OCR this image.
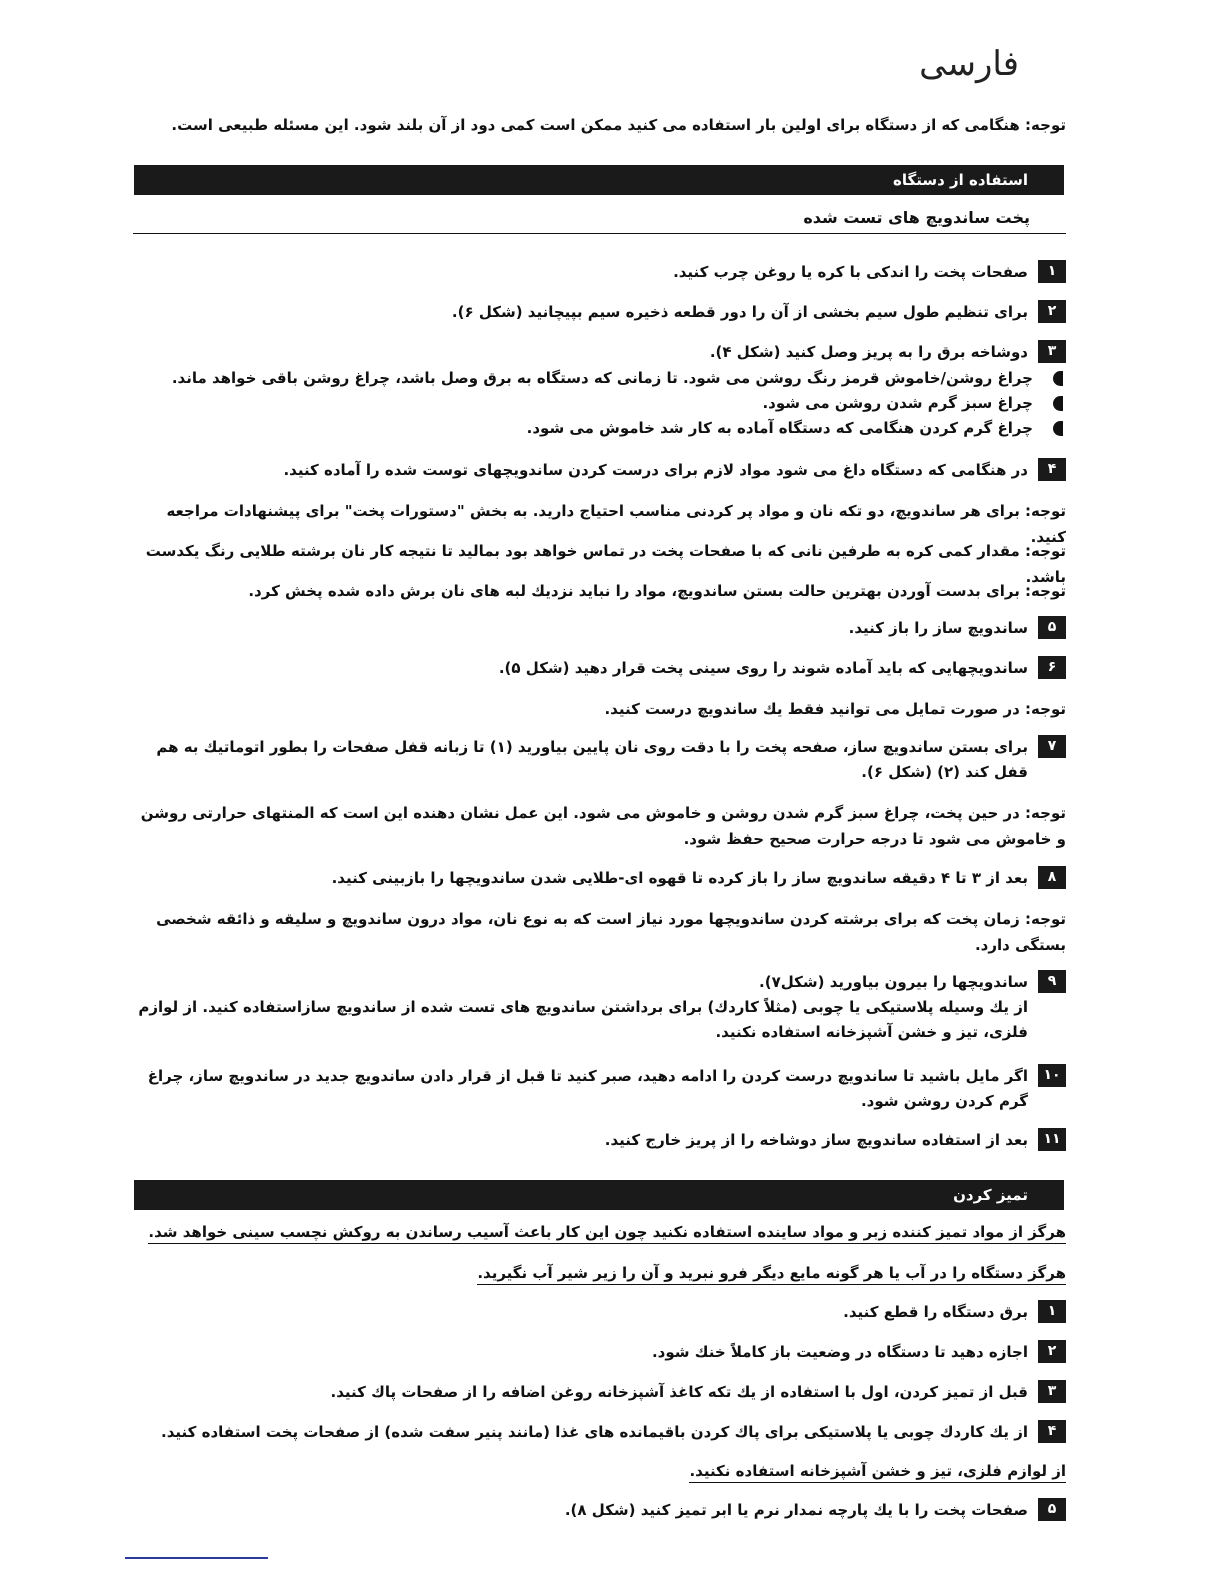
فارسی
توجه: هنگامی که از دستگاه برای اولین بار استفاده می کنید ممکن است کمی دود از آن بلند شود. این مسئله طبیعی است.
استفاده از دستگاه
پخت ساندویچ های تست شده
۱
صفحات پخت را اندکی با کره یا روغن چرب کنید.
۲
برای تنظیم طول سیم بخشی از آن را دور قطعه ذخیره سیم بپیچانید (شکل ۶).
۳
دوشاخه برق را به پریز وصل کنید (شکل ۴).
چراغ روشن/خاموش قرمز رنگ روشن می شود. تا زمانی که دستگاه به برق وصل باشد، چراغ روشن باقی خواهد ماند.
چراغ سبز گرم شدن روشن می شود.
چراغ گرم کردن هنگامی که دستگاه آماده به کار شد خاموش می شود.
۴
در هنگامی که دستگاه داغ می شود مواد لازم برای درست کردن ساندویچهای توست شده را آماده کنید.
توجه: برای هر ساندویچ، دو تکه نان و مواد پر کردنی مناسب احتیاج دارید. به بخش "دستورات پخت" برای پیشنهادات مراجعه کنید.
توجه: مقدار کمی کره به طرفین نانی که با صفحات پخت در تماس خواهد بود بمالید تا نتیجه کار نان برشته طلایی رنگ یکدست باشد.
توجه: برای بدست آوردن بهترین حالت بستن ساندویچ، مواد را نباید نزدیك لبه های نان برش داده شده پخش كرد.
۵
ساندویچ ساز را باز کنید.
۶
ساندویچهایی که باید آماده شوند را روی سینی پخت قرار دهید (شکل ۵).
توجه: در صورت تمایل می توانید فقط یك ساندویچ درست كنید.
۷
برای بستن ساندویچ ساز، صفحه پخت را با دقت روی نان پایین بیاورید (۱) تا زبانه قفل صفحات را بطور اتوماتیك به هم قفل كند (۲) (شکل ۶).
توجه: در حین پخت، چراغ سبز گرم شدن روشن و خاموش می شود. این عمل نشان دهنده این است که المنتهای حرارتی روشن و خاموش می شود تا درجه حرارت صحیح حفظ شود.
۸
بعد از ۳ تا ۴ دقیقه ساندویچ ساز را باز کرده تا قهوه ای-طلایی شدن ساندویچها را بازبینی کنید.
توجه: زمان پخت که برای برشته کردن ساندویچها مورد نیاز است که به نوع نان، مواد درون ساندویچ و سلیقه و ذائقه شخصی بستگی دارد.
۹
ساندویچها را بیرون بیاورید (شکل۷).
از یك وسیله پلاستیكی یا چوبی (مثلاً كاردك) برای برداشتن ساندویچ های تست شده از ساندویچ سازاستفاده كنید. از لوازم فلزی، تیز و خشن آشپزخانه استفاده نكنید.
۱۰
اگر مایل باشید تا ساندویچ درست کردن را ادامه دهید، صبر کنید تا قبل از قرار دادن ساندویچ جدید در ساندویچ ساز، چراغ گرم کردن روشن شود.
۱۱
بعد از استفاده ساندویچ ساز دوشاخه را از پریز خارج کنید.
تمیز کردن
هرگز از مواد تمیز کننده زبر و مواد ساینده استفاده نکنید چون این کار باعث آسیب رساندن به روکش نچسب سینی خواهد شد.
هرگز دستگاه را در آب یا هر گونه مایع دیگر فرو نبرید و آن را زیر شیر آب نگیرید.
۱
برق دستگاه را قطع کنید.
۲
اجازه دهید تا دستگاه در وضعیت باز کاملاً خنك شود.
۳
قبل از تمیز كردن، اول با استفاده از یك تكه كاغذ آشپزخانه روغن اضافه را از صفحات پاك كنید.
۴
از یك كاردك چوبی یا پلاستیكی برای پاك كردن باقیمانده های غذا (مانند پنیر سفت شده) از صفحات پخت استفاده كنید.
از لوازم فلزی، تیز و خشن آشپزخانه استفاده نكنید.
۵
صفحات پخت را با یك پارچه نمدار نرم یا ابر تمیز كنید (شکل ۸).
